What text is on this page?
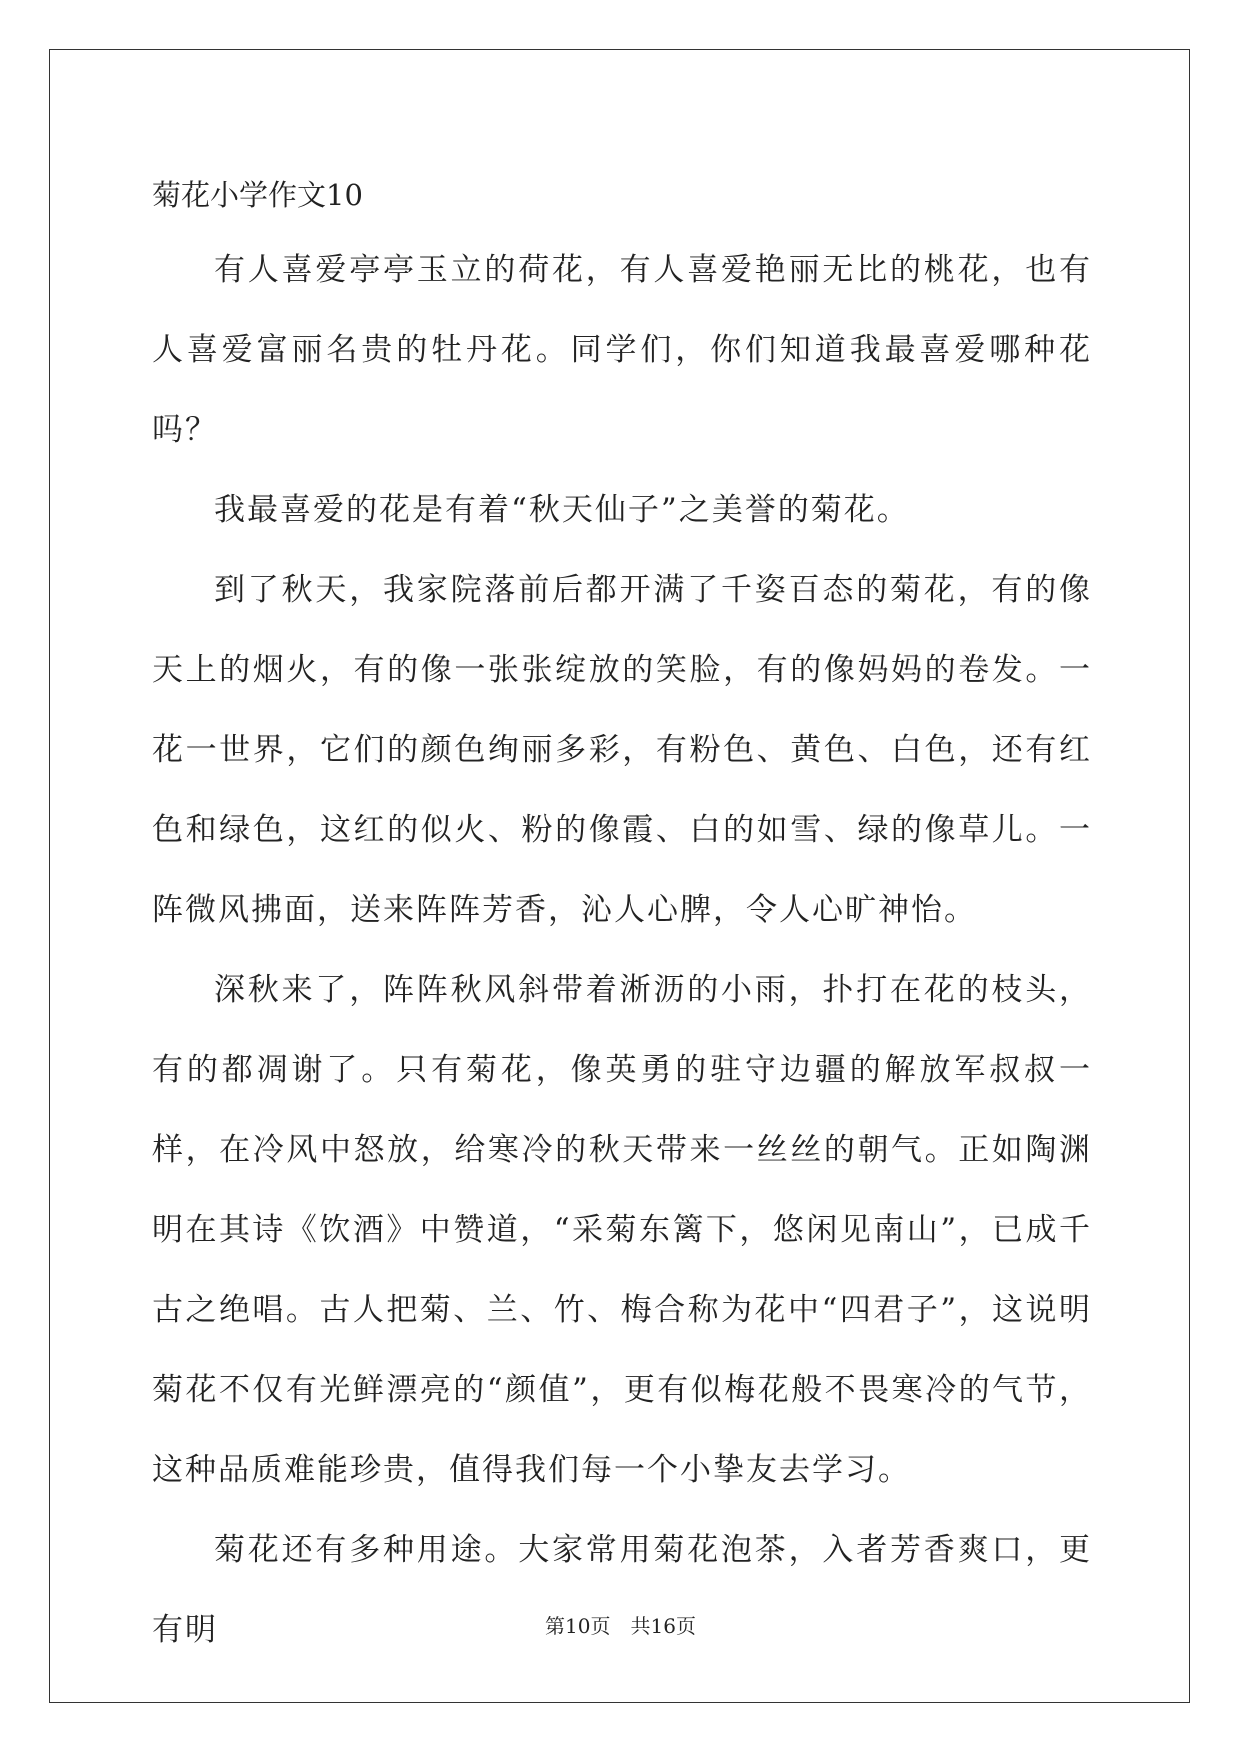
菊花小学作文10

有人喜爱亭亭玉立的荷花，有人喜爱艳丽无比的桃花，也有人喜爱富丽名贵的牡丹花。同学们，你们知道我最喜爱哪种花吗？

我最喜爱的花是有着“秋天仙子”之美誉的菊花。

到了秋天，我家院落前后都开满了千姿百态的菊花，有的像天上的烟火，有的像一张张绽放的笑脸，有的像妈妈的卷发。一花一世界，它们的颜色绚丽多彩，有粉色、黄色、白色，还有红色和绿色，这红的似火、粉的像霞、白的如雪、绿的像草儿。一阵微风拂面，送来阵阵芳香，沁人心脾，令人心旷神怡。

深秋来了，阵阵秋风斜带着淅沥的小雨，扑打在花的枝头，有的都凋谢了。只有菊花，像英勇的驻守边疆的解放军叔叔一样，在冷风中怒放，给寒冷的秋天带来一丝丝的朝气。正如陶渊明在其诗《饮酒》中赞道，“采菊东篱下，悠闲见南山”，已成千古之绝唱。古人把菊、兰、竹、梅合称为花中“四君子”，这说明菊花不仅有光鲜漂亮的“颜值”，更有似梅花般不畏寒冷的气节，这种品质难能珍贵，值得我们每一个小挚友去学习。

菊花还有多种用途。大家常用菊花泡茶，入者芳香爽口，更有明	第10页　共16页
